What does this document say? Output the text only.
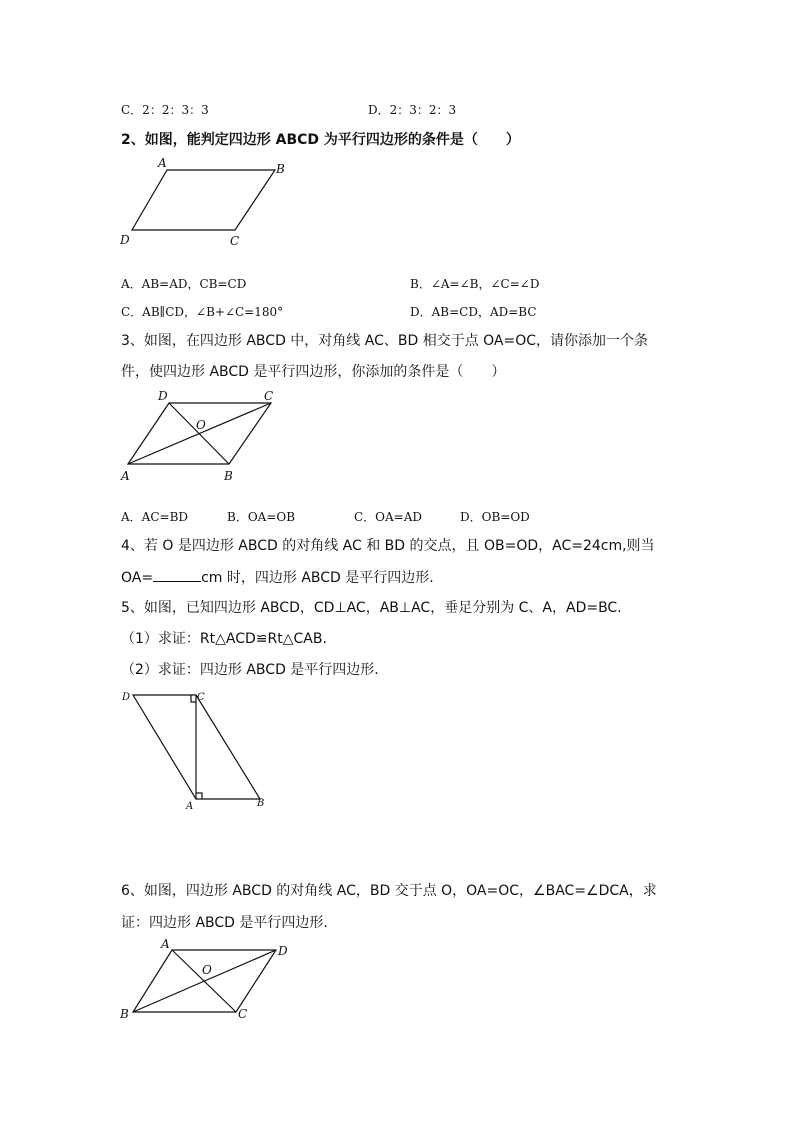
C．2：2：3：3	D．2：3：2：3
2、如图，能判定四边形 ABCD 为平行四边形的条件是（　　）
A	B
C
D
A．AB=AD，CB=CD	B．∠A=∠B，∠C=∠D
C．AB∥CD，∠B+∠C=180°	D．AB=CD，AD=BC
3、如图，在四边形 ABCD 中，对角线 AC、BD 相交于点 OA=OC，请你添加一个条
件，使四边形 ABCD 是平行四边形，你添加的条件是（　　）
D	C
O
A	B
A．AC=BD	B．OA=OB	C．OA=AD	D．OB=OD
4、若 O 是四边形 ABCD 的对角线 AC 和 BD 的交点，且 OB=OD，AC=24cm,则当
OA=	cm 时，四边形 ABCD 是平行四边形.
5、如图，已知四边形 ABCD，CD⊥AC，AB⊥AC，垂足分别为 C、A，AD=BC.
（1）求证：Rt△ACD≌Rt△CAB.
（2）求证：四边形 ABCD 是平行四边形.
D	C
A	B
6、如图，四边形 ABCD 的对角线 AC，BD 交于点 O，OA=OC，∠BAC=∠DCA，求
证：四边形 ABCD 是平行四边形.
A	D
O
B	C
